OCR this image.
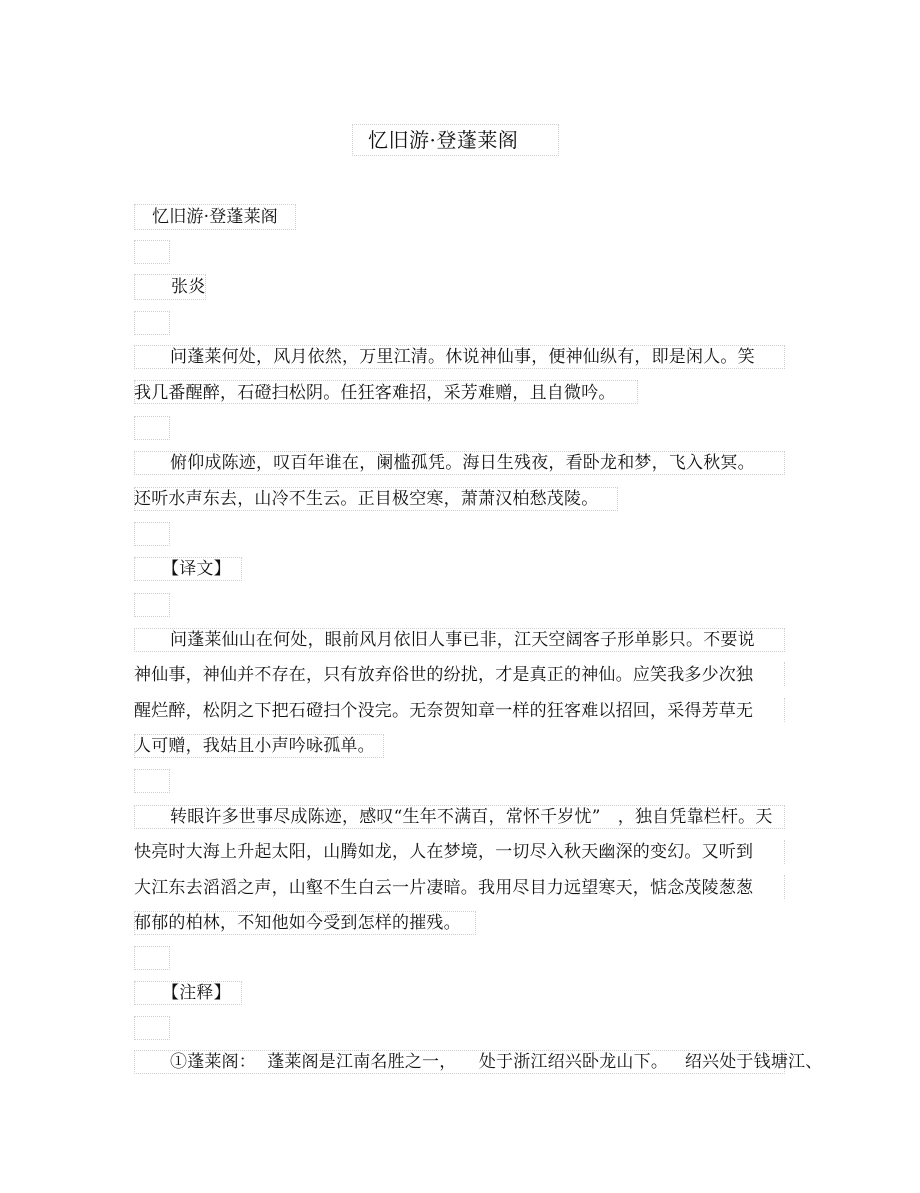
忆旧游·登蓬莱阁
忆旧游·登蓬莱阁
张炎
问蓬莱何处，风月依然，万里江清。休说神仙事，便神仙纵有，即是闲人。笑
我几番醒醉，石磴扫松阴。任狂客难招，采芳难赠，且自微吟。
俯仰成陈迹，叹百年谁在，阑槛孤凭。海日生残夜，看卧龙和梦，飞入秋冥。
还听水声东去，山冷不生云。正目极空寒，萧萧汉柏愁茂陵。
【译文】
问蓬莱仙山在何处，眼前风月依旧人事已非，江天空阔客子形单影只。不要说
神仙事，神仙并不存在，只有放弃俗世的纷扰，才是真正的神仙。应笑我多少次独
醒烂醉，松阴之下把石磴扫个没完。无奈贺知章一样的狂客难以招回，采得芳草无
人可赠，我姑且小声吟咏孤单。
转眼许多世事尽成陈迹，感叹“生年不满百，常怀千岁忧”　，独自凭靠栏杆。天
快亮时大海上升起太阳，山腾如龙，人在梦境，一切尽入秋天幽深的变幻。又听到
大江东去滔滔之声，山壑不生白云一片凄暗。我用尽目力远望寒天，惦念茂陵葱葱
郁郁的柏林，不知他如今受到怎样的摧残。
【注释】
①蓬莱阁：  蓬莱阁是江南名胜之一，    处于浙江绍兴卧龙山下。   绍兴处于钱塘江、
